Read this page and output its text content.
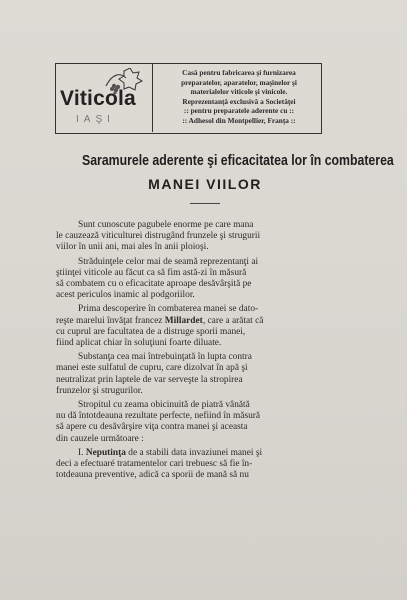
Viticola
IAŞI
Casă pentru fabricarea şi furnizarea
preparatelor, aparatelor, maşinelor şi
materialelor viticole şi vinicole.
Reprezentanţă exclusivă a Societăţei
:: pentru preparatele aderente cu ::
:: Adhesol din Montpellier, Franţa ::
Saramurele aderente şi eficacitatea lor în combaterea
MANEI VIILOR
Sunt cunoscute pagubele enorme pe care mana
le cauzează viticulturei distrugând frunzele şi strugurii
viilor în unii ani, mai ales în anii ploioşi.
Străduinţele celor mai de seamă reprezentanţi ai
ştiinţei viticole au făcut ca să fim astă-zi în măsură
să combatem cu o eficacitate aproape desăvârşită pe
acest periculos inamic al podgoriilor.
Prima descoperire în combaterea manei se dato-
reşte marelui învăţat francez Millardet, care a arătat că
cu cuprul are facultatea de a distruge sporii manei,
fiind aplicat chiar în soluţiuni foarte diluate.
Substanţa cea mai întrebuinţată în lupta contra
manei este sulfatul de cupru, care dizolvat în apă şi
neutralizat prin laptele de var serveşte la stropirea
frunzelor şi strugurilor.
Stropitul cu zeama obicinuită de piatră vânătă
nu dă întotdeauna rezultate perfecte, nefiind în măsură
să apere cu desăvârşire viţa contra manei şi aceasta
din cauzele următoare :
I. Neputinţa de a stabili data invaziunei manei şi
deci a efectuaré tratamentelor cari trebuesc să fie în-
totdeauna preventive, adică ca sporii de mană să nu
